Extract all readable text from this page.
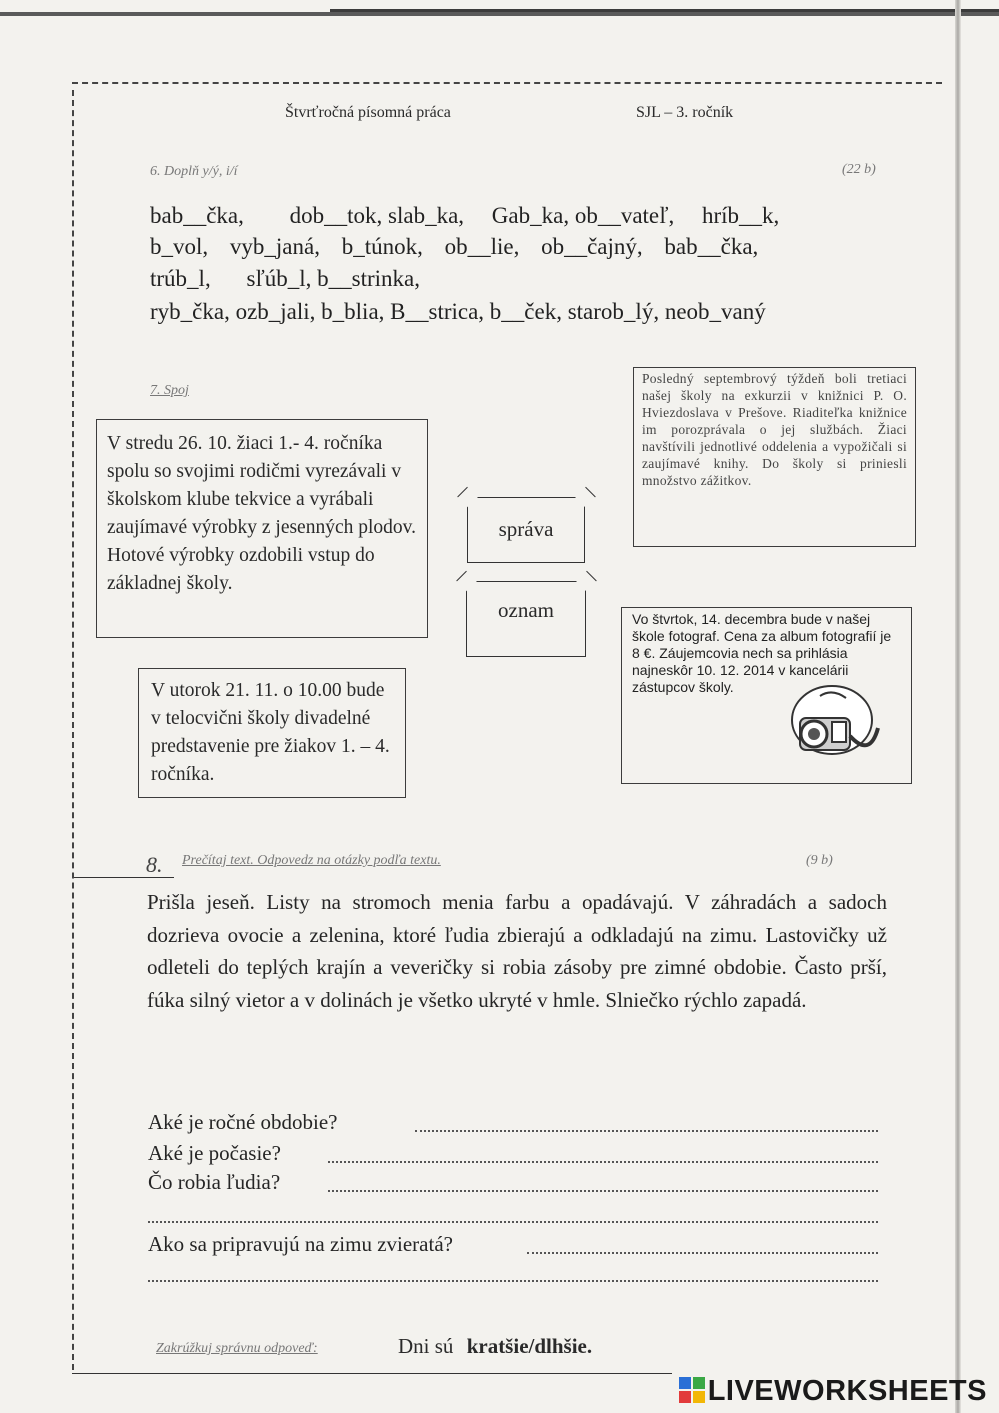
Štvrťročná písomná práca	SJL – 3. ročník
6. Doplň y/ý, i/í	(22 b)
bab__čka, dob__tok, slab_ka, Gab_ka, ob__vateľ, hríb__k,
b_vol, vyb_janá, b_túnok, ob__lie, ob__čajný, bab__čka,
trúb_l, sľúb_l, b__strinka,
ryb_čka, ozb_jali, b_blia, B__strica, b__ček, starob_lý, neob_vaný
7. Spoj
V stredu 26. 10. žiaci 1.- 4. ročníka spolu so svojimi rodičmi vyrezávali v školskom klube tekvice a vyrábali zaujímavé výrobky z jesenných plodov. Hotové výrobky ozdobili vstup do základnej školy.
V utorok 21. 11. o 10.00 bude v telocvični školy divadelné predstavenie pre žiakov 1. – 4. ročníka.
správa
oznam
Posledný septembrový týždeň boli tretiaci našej školy na exkurzii v knižnici P. O. Hviezdoslava v Prešove. Riaditeľka knižnice im porozprávala o jej službách. Žiaci navštívili jednotlivé oddelenia a vypožičali si zaujímavé knihy. Do školy si priniesli množstvo zážitkov.
Vo štvrtok, 14. decembra bude v našej škole fotograf. Cena za album fotografií je 8 €. Záujemcovia nech sa prihlásia najneskôr 10. 12. 2014 v kancelárii zástupcov školy.
8. Prečítaj text. Odpovedz na otázky podľa textu.	(9 b)
Prišla jeseň. Listy na stromoch menia farbu a opadávajú. V záhradách a sadoch dozrieva ovocie a zelenina, ktoré ľudia zbierajú a odkladajú na zimu. Lastovičky už odleteli do teplých krajín a veveričky si robia zásoby pre zimné obdobie. Často prší, fúka silný vietor a v dolinách je všetko ukryté v hmle. Slniečko rýchlo zapadá.
Aké je ročné obdobie?
Aké je počasie?
Čo robia ľudia?
Ako sa pripravujú na zimu zvieratá?
Zakrúžkuj správnu odpoveď:	Dni sú kratšie/dlhšie.
LIVEWORKSHEETS
